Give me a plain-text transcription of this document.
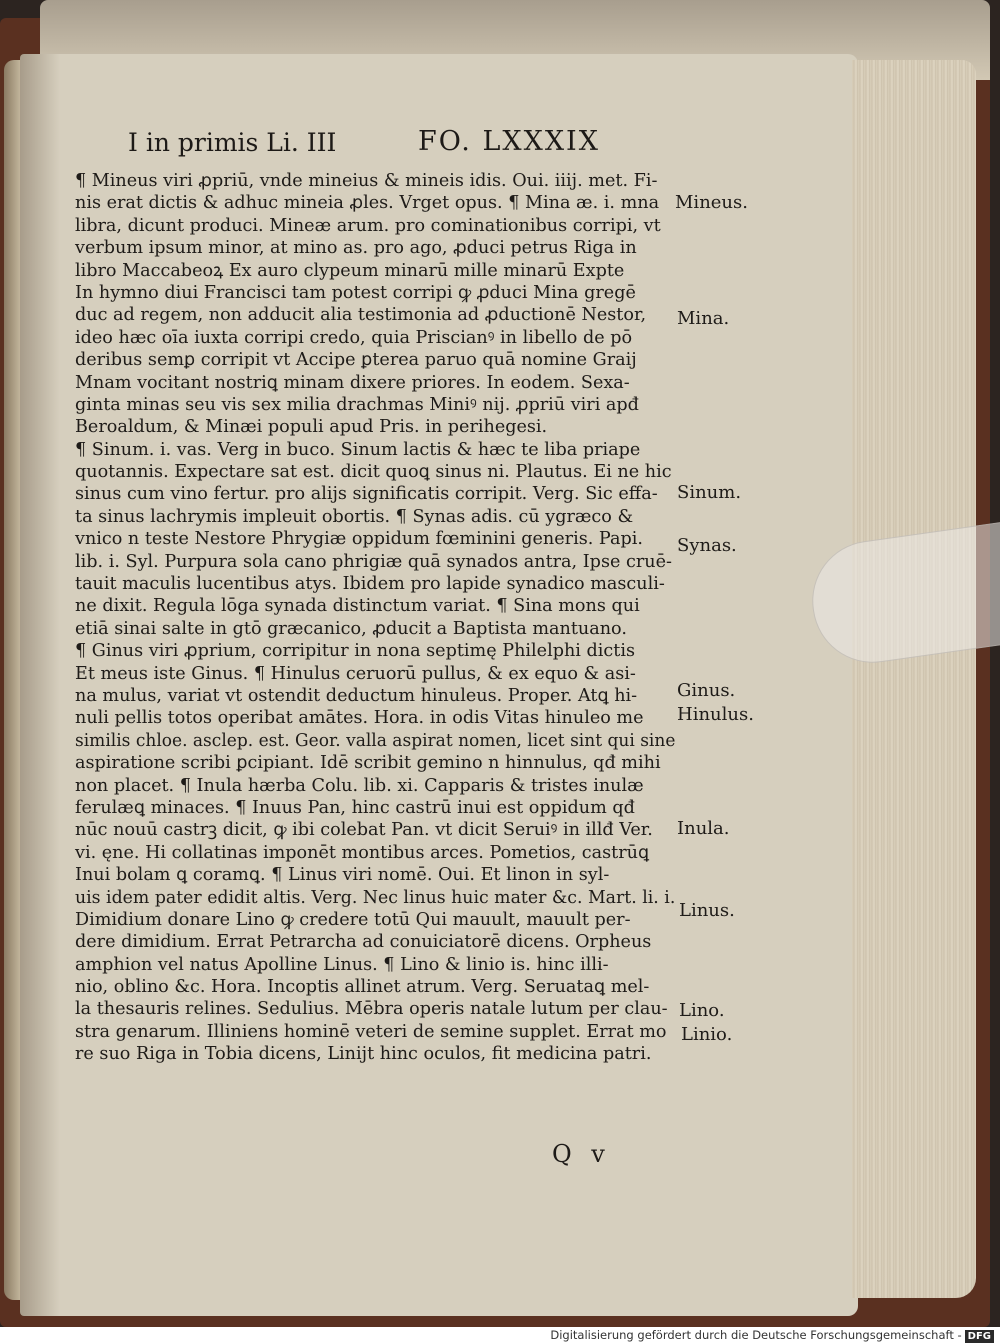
I in primis Li. III	FO. LXXXIX
¶ Mineus viri ꝓpriū, vnde mineius & mineis idis. Oui. iiij. met. Fi-
nis erat dictis & adhuc mineia ꝓles. Vrget opus. ¶ Mina æ. i. mna
libra, dicunt produci. Mineæ arum. pro cominationibus corripi, vt
verbum ipsum minor, at mino as. pro ago, ꝓduci petrus Riga in
libro Maccabeoꝝ Ex auro clypeum minarū mille minarū Expte
In hymno diui Francisci tam potest corripi ꝙ ꝓduci Mina gregē
duc ad regem, non adducit alia testimonia ad ꝓductionē Nestor,
ideo hæc oīa iuxta corripi credo, quia Priscianꝰ in libello de pō
deribus semꝑ corripit vt Accipe ꝑterea paruo quā nomine Graij
Mnam vocitant nostriꝗ minam dixere priores. In eodem. Sexa-
ginta minas seu vis sex milia drachmas Miniꝰ nij. ꝓpriū viri apđ
Beroaldum, & Minæi populi apud Pris. in perihegesi.
¶ Sinum. i. vas. Verg in buco. Sinum lactis & hæc te liba priape
quotannis. Expectare sat est. dicit quoꝗ sinus ni. Plautus. Ei ne hic
sinus cum vino fertur. pro alijs significatis corripit. Verg. Sic effa-
ta sinus lachrymis impleuit obortis. ¶ Synas adis. cū ygræco &
vnico n teste Nestore Phrygiæ oppidum fœminini generis. Papi.
lib. i. Syl. Purpura sola cano phrigiæ quā synados antra, Ipse cruē-
tauit maculis lucentibus atys. Ibidem pro lapide synadico masculi-
ne dixit. Regula lōga synada distinctum variat. ¶ Sina mons qui
etiā sinai salte in gtō græcanico, ꝓducit a Baptista mantuano.
¶ Ginus viri ꝓprium, corripitur in nona septimę Philelphi dictis
Et meus iste Ginus. ¶ Hinulus ceruorū pullus, & ex equo & asi-
na mulus, variat vt ostendit deductum hinuleus. Proper. Atꝗ hi-
nuli pellis totos operibat amātes. Hora. in odis Vitas hinuleo me
similis chloe. asclep. est. Geor. valla aspirat nomen, licet sint qui sine
aspiratione scribi ꝑcipiant. Idē scribit gemino n hinnulus, qđ mihi
non placet. ¶ Inula hærba Colu. lib. xi. Capparis & tristes inulæ
ferulæꝗ minaces. ¶ Inuus Pan, hinc castrū inui est oppidum qđ
nūc nouū castrꝫ dicit, ꝙ ibi colebat Pan. vt dicit Seruiꝰ in illđ Ver.
vi. ęne. Hi collatinas imponēt montibus arces. Pometios, castrūꝗ
Inui bolam ꝗ coramꝗ. ¶ Linus viri nomē. Oui. Et linon in syl-
uis idem pater edidit altis. Verg. Nec linus huic mater &c. Mart. li. i.
Dimidium donare Lino ꝙ credere totū Qui mauult, mauult per-
dere dimidium. Errat Petrarcha ad conuiciatorē dicens. Orpheus
amphion vel natus Apolline Linus. ¶ Lino & linio is. hinc illi-
nio, oblino &c. Hora. Incoptis allinet atrum. Verg. Seruataꝗ mel-
la thesauris relines. Sedulius. Mēbra operis natale lutum per clau-
stra genarum. Illiniens hominē veteri de semine supplet. Errat mo
re suo Riga in Tobia dicens, Linijt hinc oculos, fit medicina patri.
Mineus.
Mina.
Sinum.
Synas.
Ginus.
Hinulus.
Inula.
Linus.
Lino.
Linio.
Q v
Digitalisierung gefördert durch die Deutsche Forschungsgemeinschaft - DFG
